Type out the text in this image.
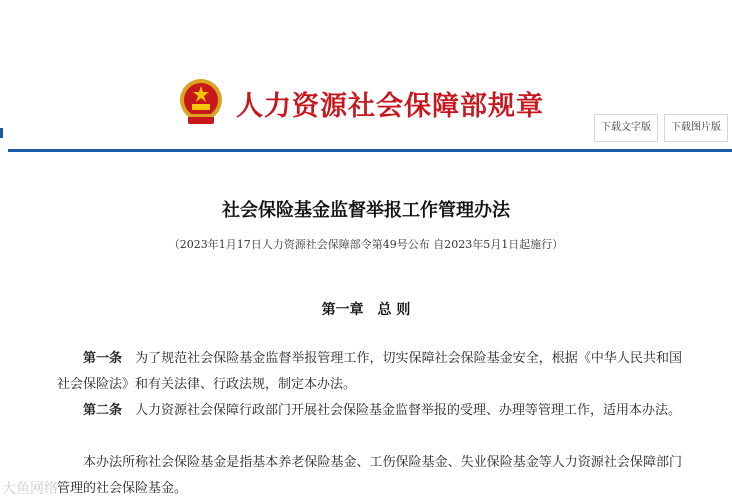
人力资源社会保障部规章
下载文字版	下载图片版
社会保险基金监督举报工作管理办法
（2023年1月17日人力资源社会保障部令第49号公布 自2023年5月1日起施行）
第一章　总 则
第一条　为了规范社会保险基金监督举报管理工作，切实保障社会保险基金安全，根据《中华人民共和国社会保险法》和有关法律、行政法规，制定本办法。
第二条　人力资源社会保障行政部门开展社会保险基金监督举报的受理、办理等管理工作，适用本办法。
本办法所称社会保险基金是指基本养老保险基金、工伤保险基金、失业保险基金等人力资源社会保障部门管理的社会保险基金。
大鱼网络
